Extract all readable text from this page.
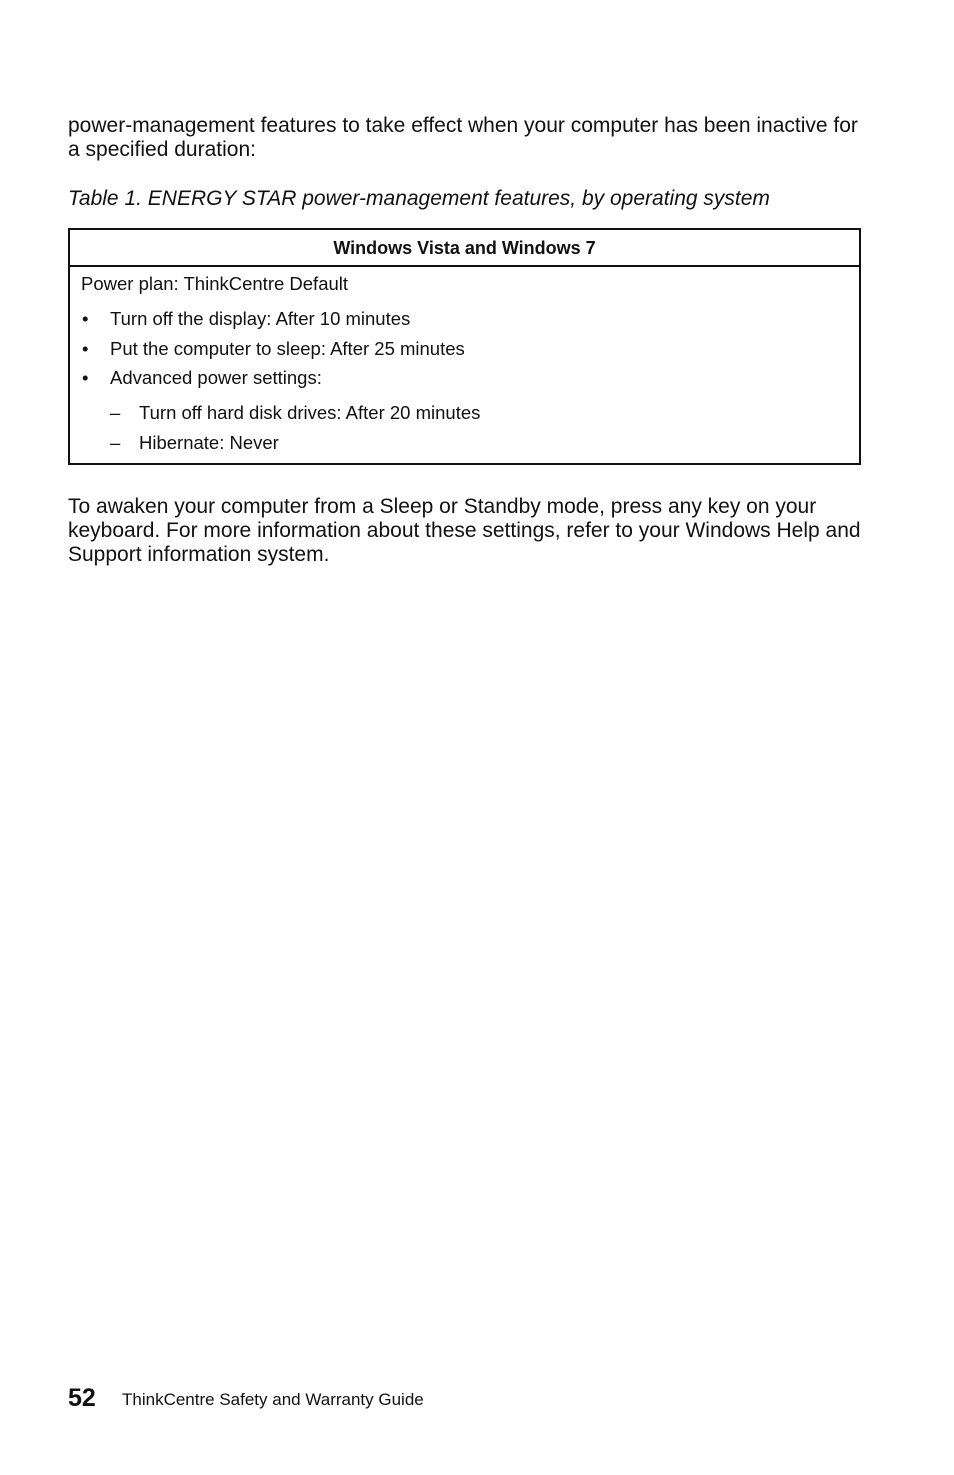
power-management features to take effect when your computer has been inactive for a specified duration:

Table 1. ENERGY STAR power-management features, by operating system

Windows Vista and Windows 7
Power plan: ThinkCentre Default
• Turn off the display: After 10 minutes
• Put the computer to sleep: After 25 minutes
• Advanced power settings:
– Turn off hard disk drives: After 20 minutes
– Hibernate: Never

To awaken your computer from a Sleep or Standby mode, press any key on your keyboard. For more information about these settings, refer to your Windows Help and Support information system.

52 ThinkCentre Safety and Warranty Guide
